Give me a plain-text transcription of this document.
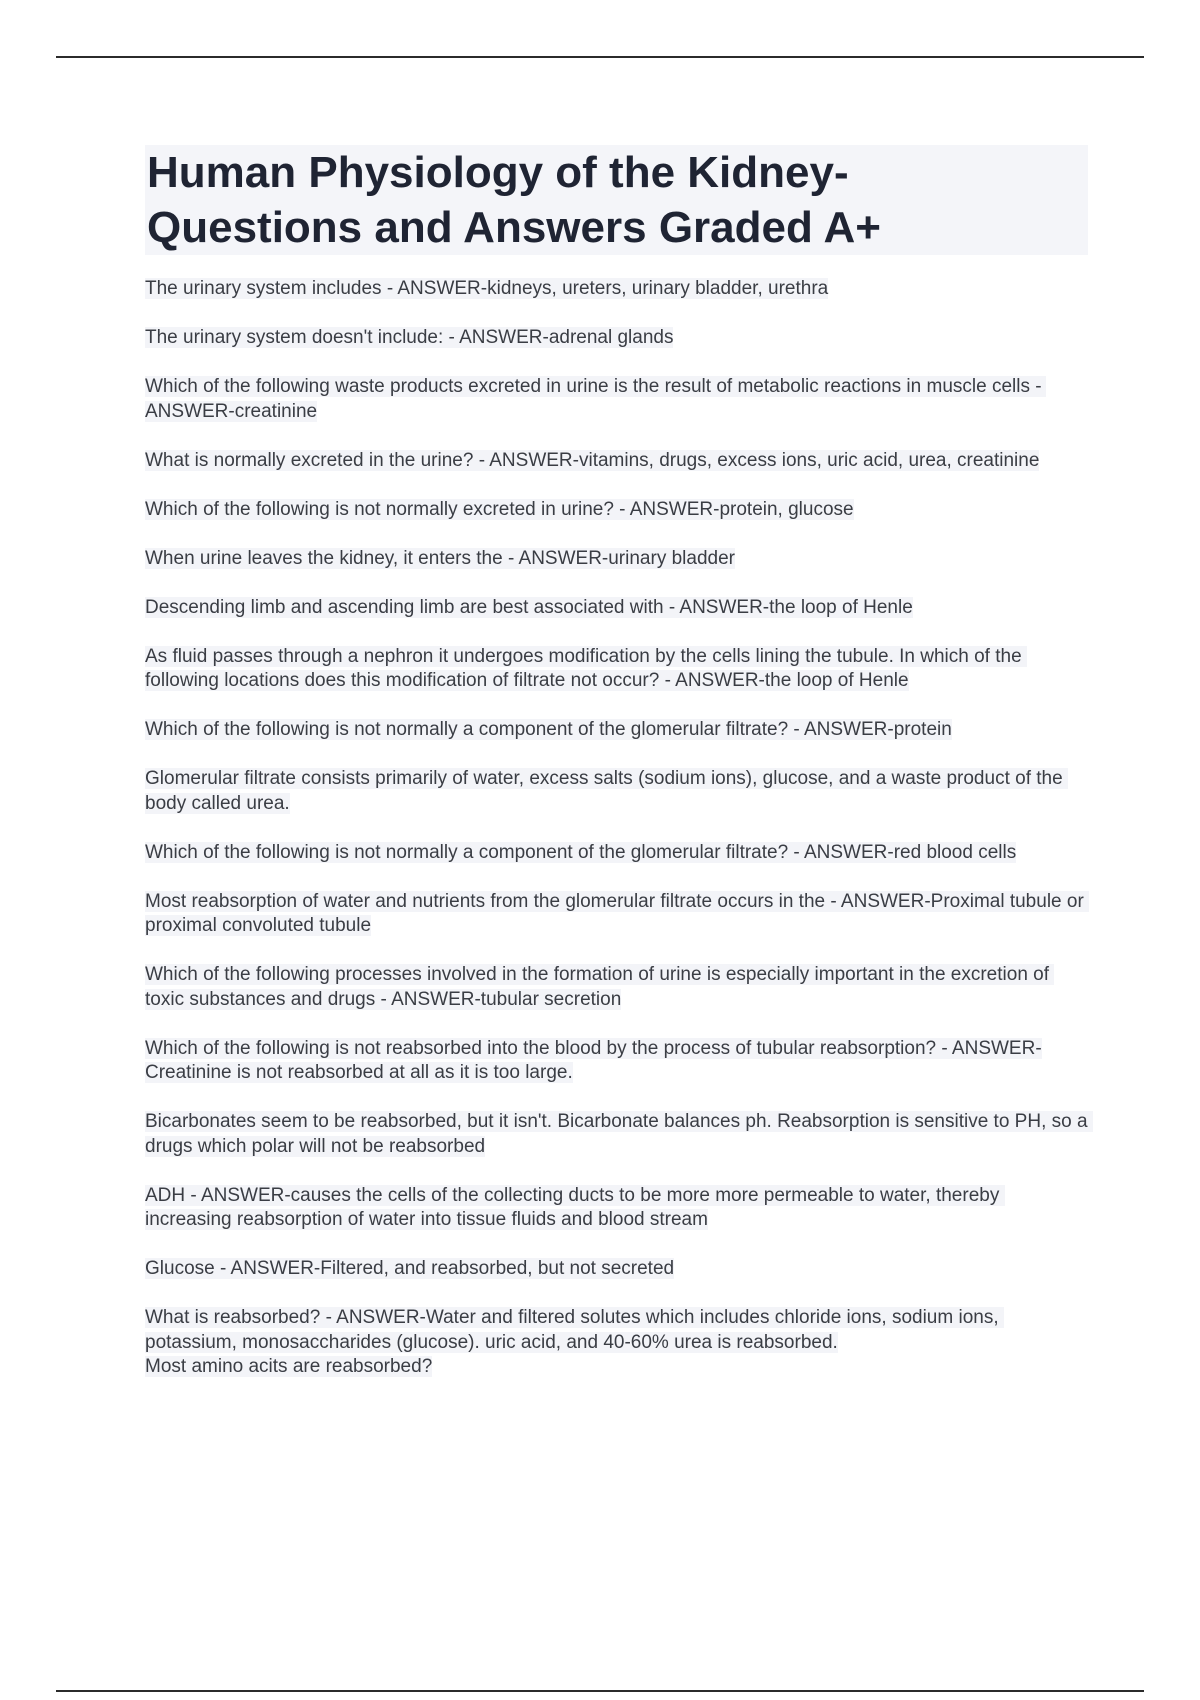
Human Physiology of the Kidney-
Questions and Answers Graded A+

The urinary system includes - ANSWER-kidneys, ureters, urinary bladder, urethra

The urinary system doesn't include: - ANSWER-adrenal glands

Which of the following waste products excreted in urine is the result of metabolic reactions in muscle cells - ANSWER-creatinine

What is normally excreted in the urine? - ANSWER-vitamins, drugs, excess ions, uric acid, urea, creatinine

Which of the following is not normally excreted in urine? - ANSWER-protein, glucose

When urine leaves the kidney, it enters the - ANSWER-urinary bladder

Descending limb and ascending limb are best associated with - ANSWER-the loop of Henle

As fluid passes through a nephron it undergoes modification by the cells lining the tubule. In which of the following locations does this modification of filtrate not occur? - ANSWER-the loop of Henle

Which of the following is not normally a component of the glomerular filtrate? - ANSWER-protein

Glomerular filtrate consists primarily of water, excess salts (sodium ions), glucose, and a waste product of the body called urea.

Which of the following is not normally a component of the glomerular filtrate? - ANSWER-red blood cells

Most reabsorption of water and nutrients from the glomerular filtrate occurs in the - ANSWER-Proximal tubule or proximal convoluted tubule

Which of the following processes involved in the formation of urine is especially important in the excretion of toxic substances and drugs - ANSWER-tubular secretion

Which of the following is not reabsorbed into the blood by the process of tubular reabsorption? - ANSWER-Creatinine is not reabsorbed at all as it is too large.

Bicarbonates seem to be reabsorbed, but it isn't. Bicarbonate balances ph. Reabsorption is sensitive to PH, so a drugs which polar will not be reabsorbed

ADH - ANSWER-causes the cells of the collecting ducts to be more more permeable to water, thereby increasing reabsorption of water into tissue fluids and blood stream

Glucose - ANSWER-Filtered, and reabsorbed, but not secreted

What is reabsorbed? - ANSWER-Water and filtered solutes which includes chloride ions, sodium ions, potassium, monosaccharides (glucose). uric acid, and 40-60% urea is reabsorbed.
Most amino acits are reabsorbed?
